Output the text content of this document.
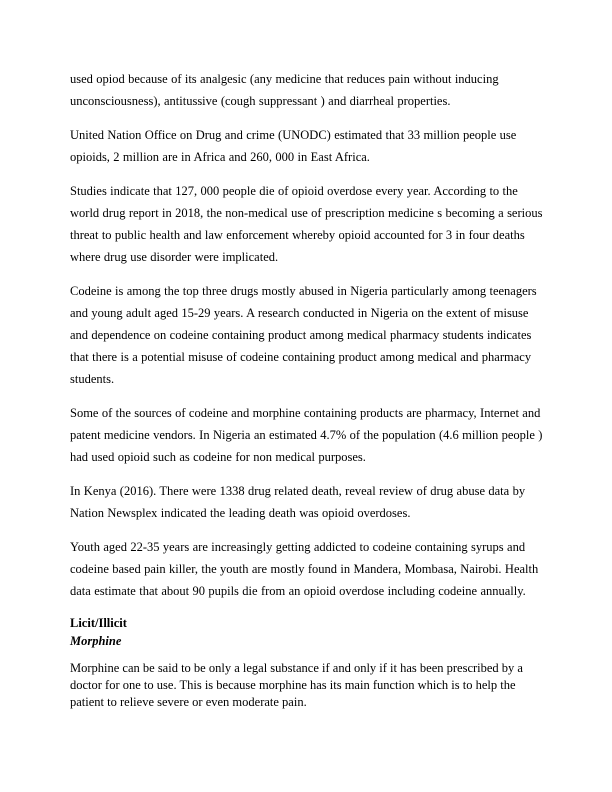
used opiod because of its analgesic (any medicine that reduces pain without inducing unconsciousness), antitussive (cough suppressant ) and diarrheal properties.

United Nation Office on Drug and crime (UNODC) estimated that 33 million people use opioids, 2 million are in Africa and 260, 000 in East Africa.

Studies indicate that 127, 000 people die of opioid overdose every year. According to the world drug report in 2018, the non-medical use of prescription medicine s becoming a serious threat to public health and law enforcement whereby opioid accounted for 3 in four deaths where drug use disorder were implicated.

Codeine is among the top three drugs mostly abused in Nigeria particularly among teenagers and young adult aged 15-29 years. A research conducted in Nigeria on the extent of misuse and dependence on codeine containing product among medical pharmacy students indicates that there is a potential misuse of codeine containing product among medical and pharmacy students.

Some of the sources of codeine and morphine containing products are pharmacy, Internet and patent medicine vendors. In Nigeria an estimated 4.7% of the population (4.6 million people ) had used opioid such as codeine for non medical purposes.

In Kenya (2016). There were 1338 drug related death, reveal review of drug abuse data by Nation Newsplex indicated the leading death was opioid overdoses.

Youth aged 22-35 years are increasingly getting addicted to codeine containing syrups and codeine based pain killer, the youth are mostly found in Mandera, Mombasa, Nairobi. Health data estimate that about 90 pupils die from an opioid overdose including codeine annually.

Licit/Illicit
Morphine

Morphine can be said to be only a legal substance if and only if it has been prescribed by a doctor for one to use. This is because morphine has its main function which is to help the patient to relieve severe or even moderate pain.
